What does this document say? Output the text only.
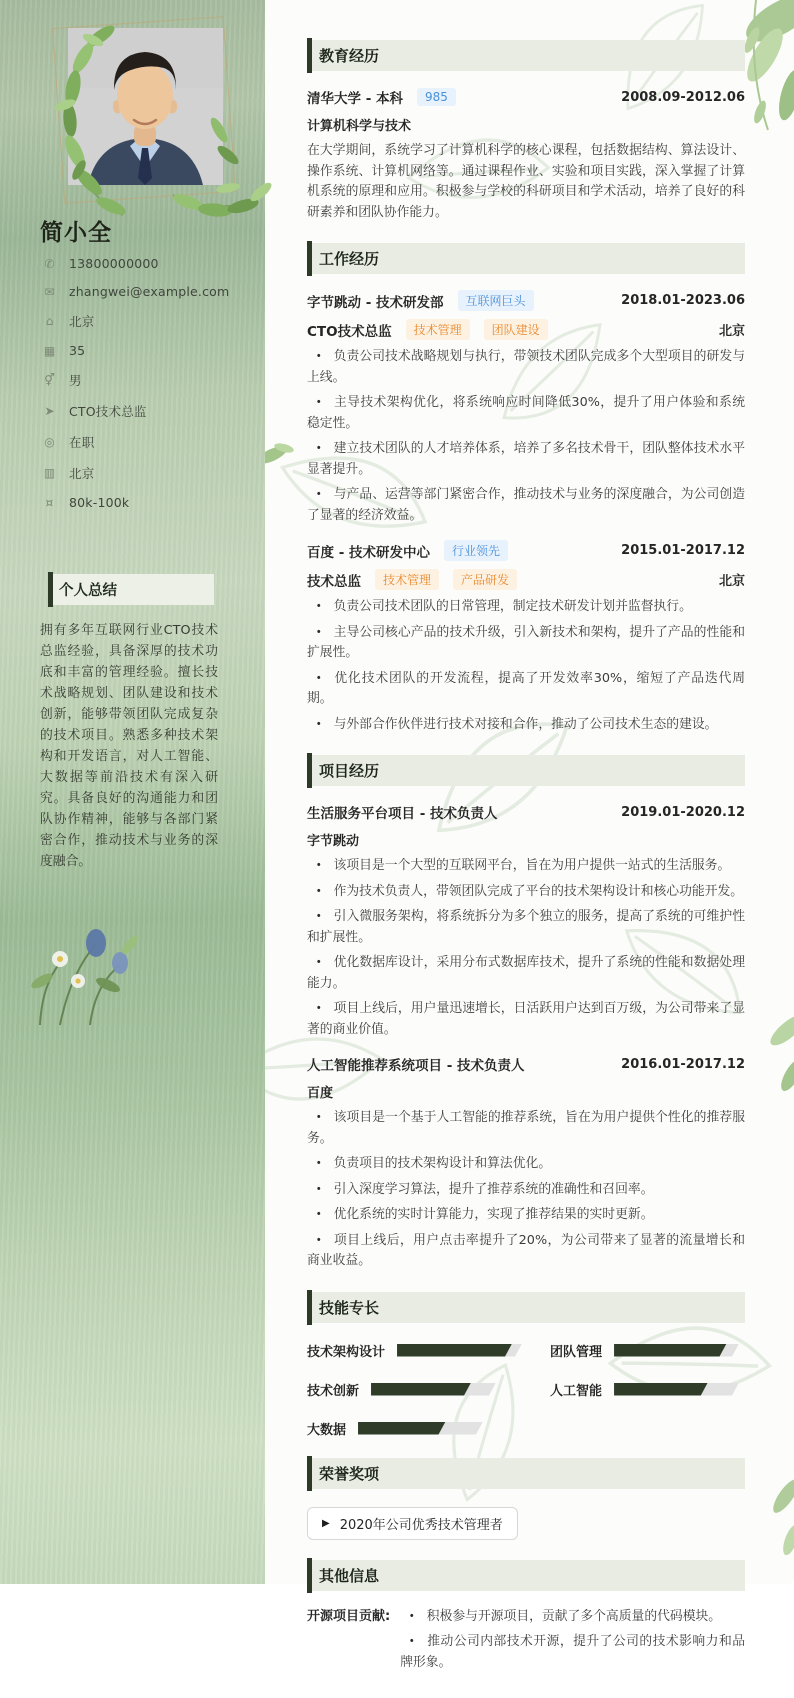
简小全
✆ 13800000000
✉ zhangwei@example.com
⌂ 北京
▦ 35
⚥ 男
➤ CTO技术总监
◎ 在职
▥ 北京
¤ 80k-100k
个人总结
拥有多年互联网行业CTO技术总监经验，具备深厚的技术功底和丰富的管理经验。擅长技术战略规划、团队建设和技术创新，能够带领团队完成复杂的技术项目。熟悉多种技术架构和开发语言，对人工智能、大数据等前沿技术有深入研究。具备良好的沟通能力和团队协作精神，能够与各部门紧密合作，推动技术与业务的深度融合。
教育经历
清华大学 - 本科	985	2008.09-2012.06
计算机科学与技术

在大学期间，系统学习了计算机科学的核心课程，包括数据结构、算法设计、操作系统、计算机网络等。通过课程作业、实验和项目实践，深入掌握了计算机系统的原理和应用。积极参与学校的科研项目和学术活动，培养了良好的科研素养和团队协作能力。

工作经历
字节跳动 - 技术研发部	互联网巨头	2018.01-2023.06
CTO技术总监	技术管理	团队建设	北京

• 负责公司技术战略规划与执行，带领技术团队完成多个大型项目的研发与上线。

• 主导技术架构优化，将系统响应时间降低30%，提升了用户体验和系统稳定性。

• 建立技术团队的人才培养体系，培养了多名技术骨干，团队整体技术水平显著提升。

• 与产品、运营等部门紧密合作，推动技术与业务的深度融合，为公司创造了显著的经济效益。

百度 - 技术研发中心	行业领先	2015.01-2017.12
技术总监	技术管理	产品研发	北京

• 负责公司技术团队的日常管理，制定技术研发计划并监督执行。

• 主导公司核心产品的技术升级，引入新技术和架构，提升了产品的性能和扩展性。

• 优化技术团队的开发流程，提高了开发效率30%，缩短了产品迭代周期。

• 与外部合作伙伴进行技术对接和合作，推动了公司技术生态的建设。

项目经历
生活服务平台项目 - 技术负责人	2019.01-2020.12
字节跳动

• 该项目是一个大型的互联网平台，旨在为用户提供一站式的生活服务。

• 作为技术负责人，带领团队完成了平台的技术架构设计和核心功能开发。

• 引入微服务架构，将系统拆分为多个独立的服务，提高了系统的可维护性和扩展性。

• 优化数据库设计，采用分布式数据库技术，提升了系统的性能和数据处理能力。

• 项目上线后，用户量迅速增长，日活跃用户达到百万级，为公司带来了显著的商业价值。

人工智能推荐系统项目 - 技术负责人	2016.01-2017.12
百度

• 该项目是一个基于人工智能的推荐系统，旨在为用户提供个性化的推荐服务。

• 负责项目的技术架构设计和算法优化。

• 引入深度学习算法，提升了推荐系统的准确性和召回率。

• 优化系统的实时计算能力，实现了推荐结果的实时更新。

• 项目上线后，用户点击率提升了20%，为公司带来了显著的流量增长和商业收益。

技能专长
技术架构设计	团队管理
技术创新	人工智能
大数据
荣誉奖项
▶ 2020年公司优秀技术管理者
其他信息
开源项目贡献:	• 积极参与开源项目，贡献了多个高质量的代码模块。

• 推动公司内部技术开源，提升了公司的技术影响力和品牌形象。
